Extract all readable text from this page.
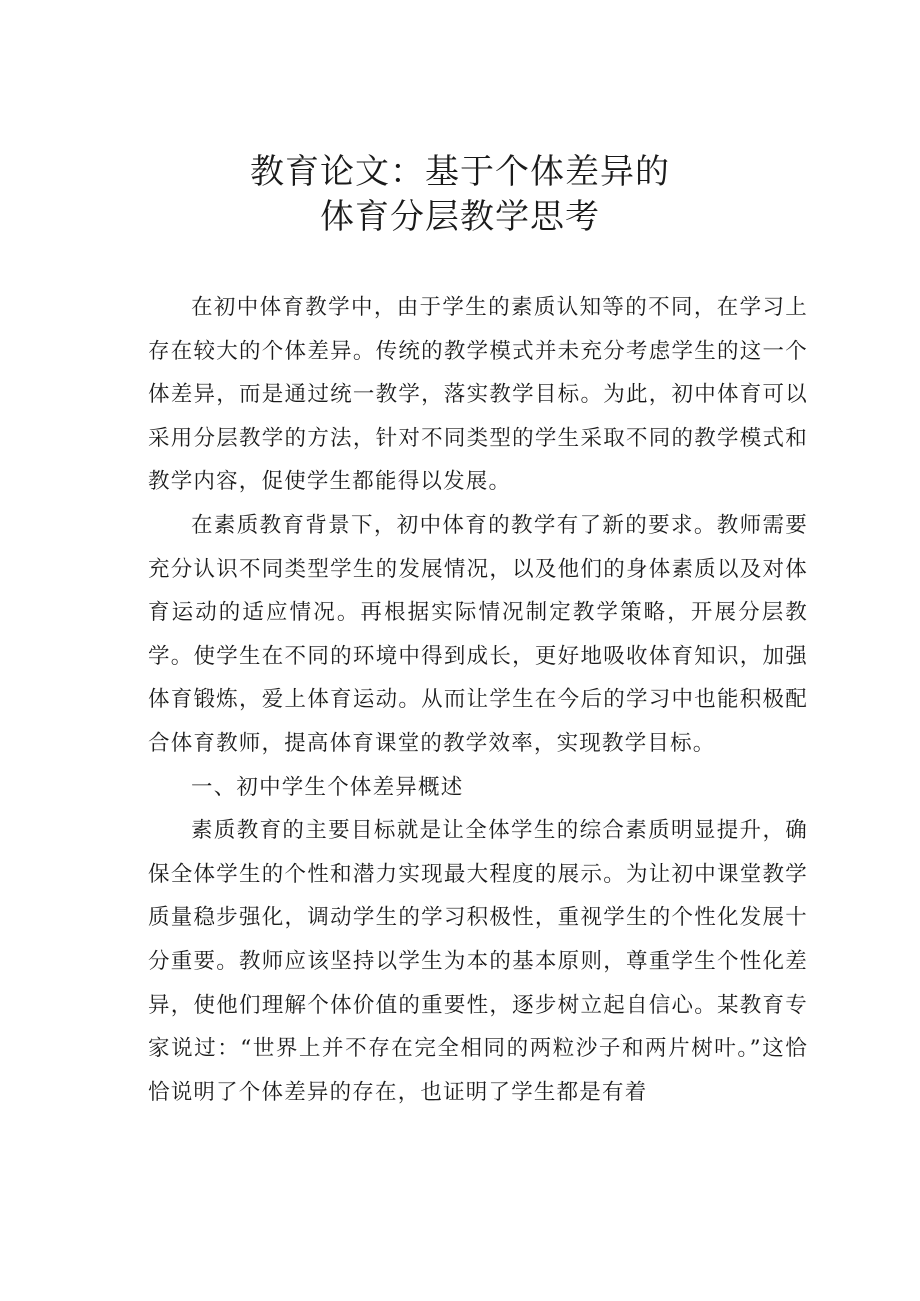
教育论文：基于个体差异的
体育分层教学思考

在初中体育教学中，由于学生的素质认知等的不同，在学习上存在较大的个体差异。传统的教学模式并未充分考虑学生的这一个体差异，而是通过统一教学，落实教学目标。为此，初中体育可以采用分层教学的方法，针对不同类型的学生采取不同的教学模式和教学内容，促使学生都能得以发展。

在素质教育背景下，初中体育的教学有了新的要求。教师需要充分认识不同类型学生的发展情况，以及他们的身体素质以及对体育运动的适应情况。再根据实际情况制定教学策略，开展分层教学。使学生在不同的环境中得到成长，更好地吸收体育知识，加强体育锻炼，爱上体育运动。从而让学生在今后的学习中也能积极配合体育教师，提高体育课堂的教学效率，实现教学目标。

一、初中学生个体差异概述

素质教育的主要目标就是让全体学生的综合素质明显提升，确保全体学生的个性和潜力实现最大程度的展示。为让初中课堂教学质量稳步强化，调动学生的学习积极性，重视学生的个性化发展十分重要。教师应该坚持以学生为本的基本原则，尊重学生个性化差异，使他们理解个体价值的重要性，逐步树立起自信心。某教育专家说过：“世界上并不存在完全相同的两粒沙子和两片树叶。”这恰恰说明了个体差异的存在，也证明了学生都是有着
